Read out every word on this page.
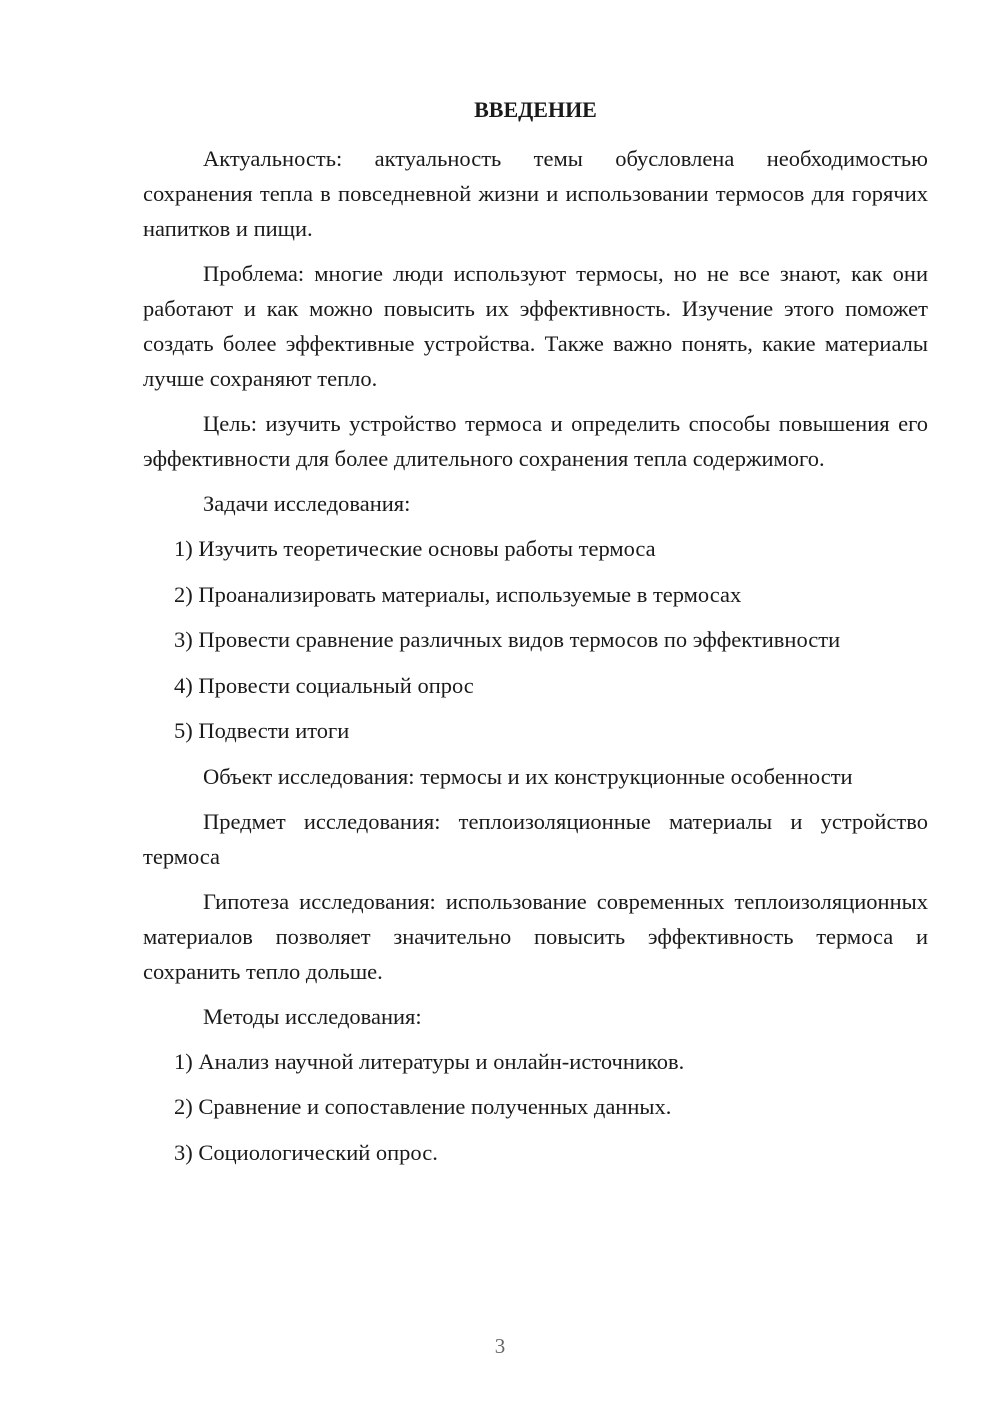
ВВЕДЕНИЕ

Актуальность: актуальность темы обусловлена необходимостью сохранения тепла в повседневной жизни и использовании термосов для горячих напитков и пищи.

Проблема: многие люди используют термосы, но не все знают, как они работают и как можно повысить их эффективность. Изучение этого поможет создать более эффективные устройства. Также важно понять, какие материалы лучше сохраняют тепло.

Цель: изучить устройство термоса и определить способы повышения его эффективности для более длительного сохранения тепла содержимого.

Задачи исследования:

1) Изучить теоретические основы работы термоса
2) Проанализировать материалы, используемые в термосах
3) Провести сравнение различных видов термосов по эффективности
4) Провести социальный опрос
5) Подвести итоги

Объект исследования: термосы и их конструкционные особенности

Предмет исследования: теплоизоляционные материалы и устройство термоса

Гипотеза исследования: использование современных теплоизоляционных материалов позволяет значительно повысить эффективность термоса и сохранить тепло дольше.

Методы исследования:

1) Анализ научной литературы и онлайн-источников.
2) Сравнение и сопоставление полученных данных.
3) Социологический опрос.
3
